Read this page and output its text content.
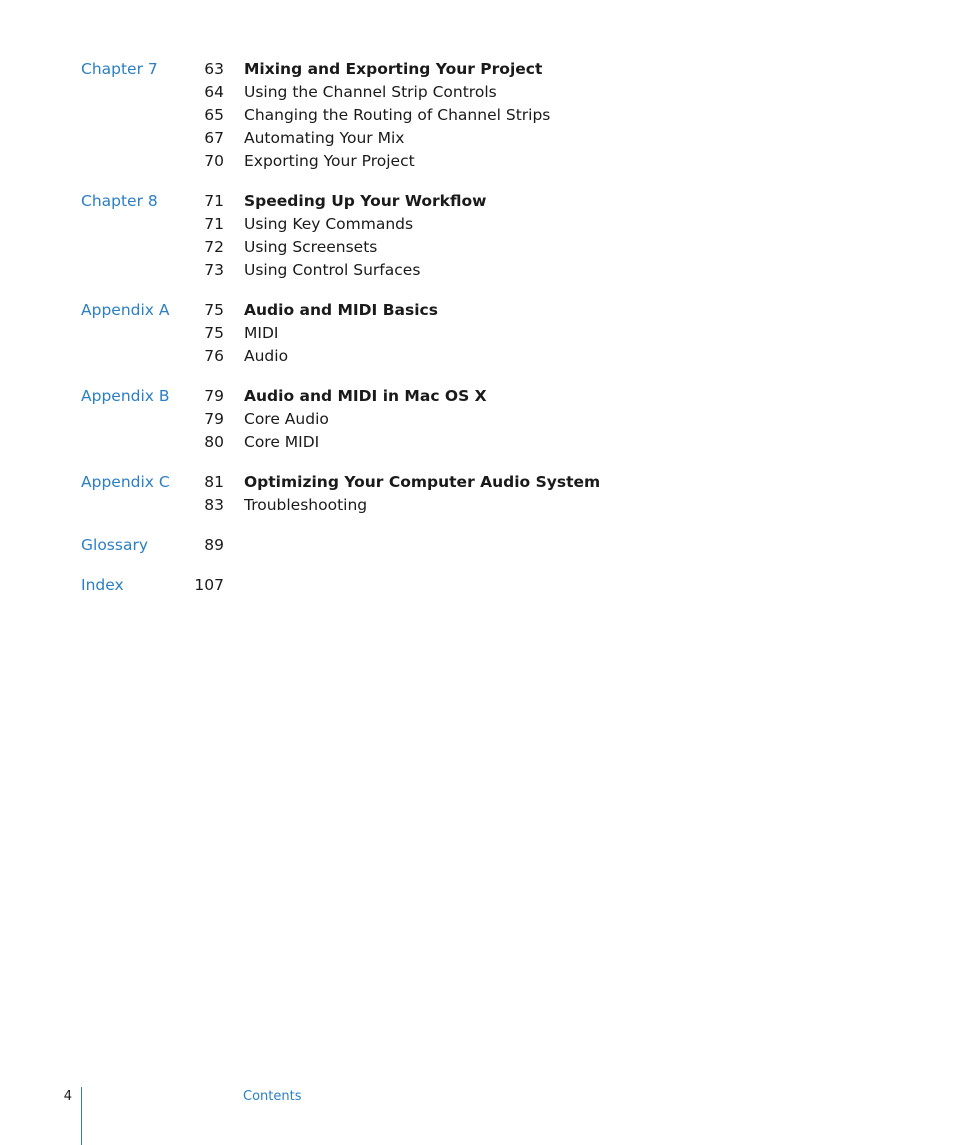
Chapter 7	63 Mixing and Exporting Your Project
64 Using the Channel Strip Controls
65 Changing the Routing of Channel Strips
67 Automating Your Mix
70 Exporting Your Project
Chapter 8	71 Speeding Up Your Workflow
71 Using Key Commands
72 Using Screensets
73 Using Control Surfaces
Appendix A	75 Audio and MIDI Basics
75 MIDI
76 Audio
Appendix B	79 Audio and MIDI in Mac OS X
79 Core Audio
80 Core MIDI
Appendix C	81 Optimizing Your Computer Audio System
83 Troubleshooting
Glossary	89
Index	107
4	Contents
